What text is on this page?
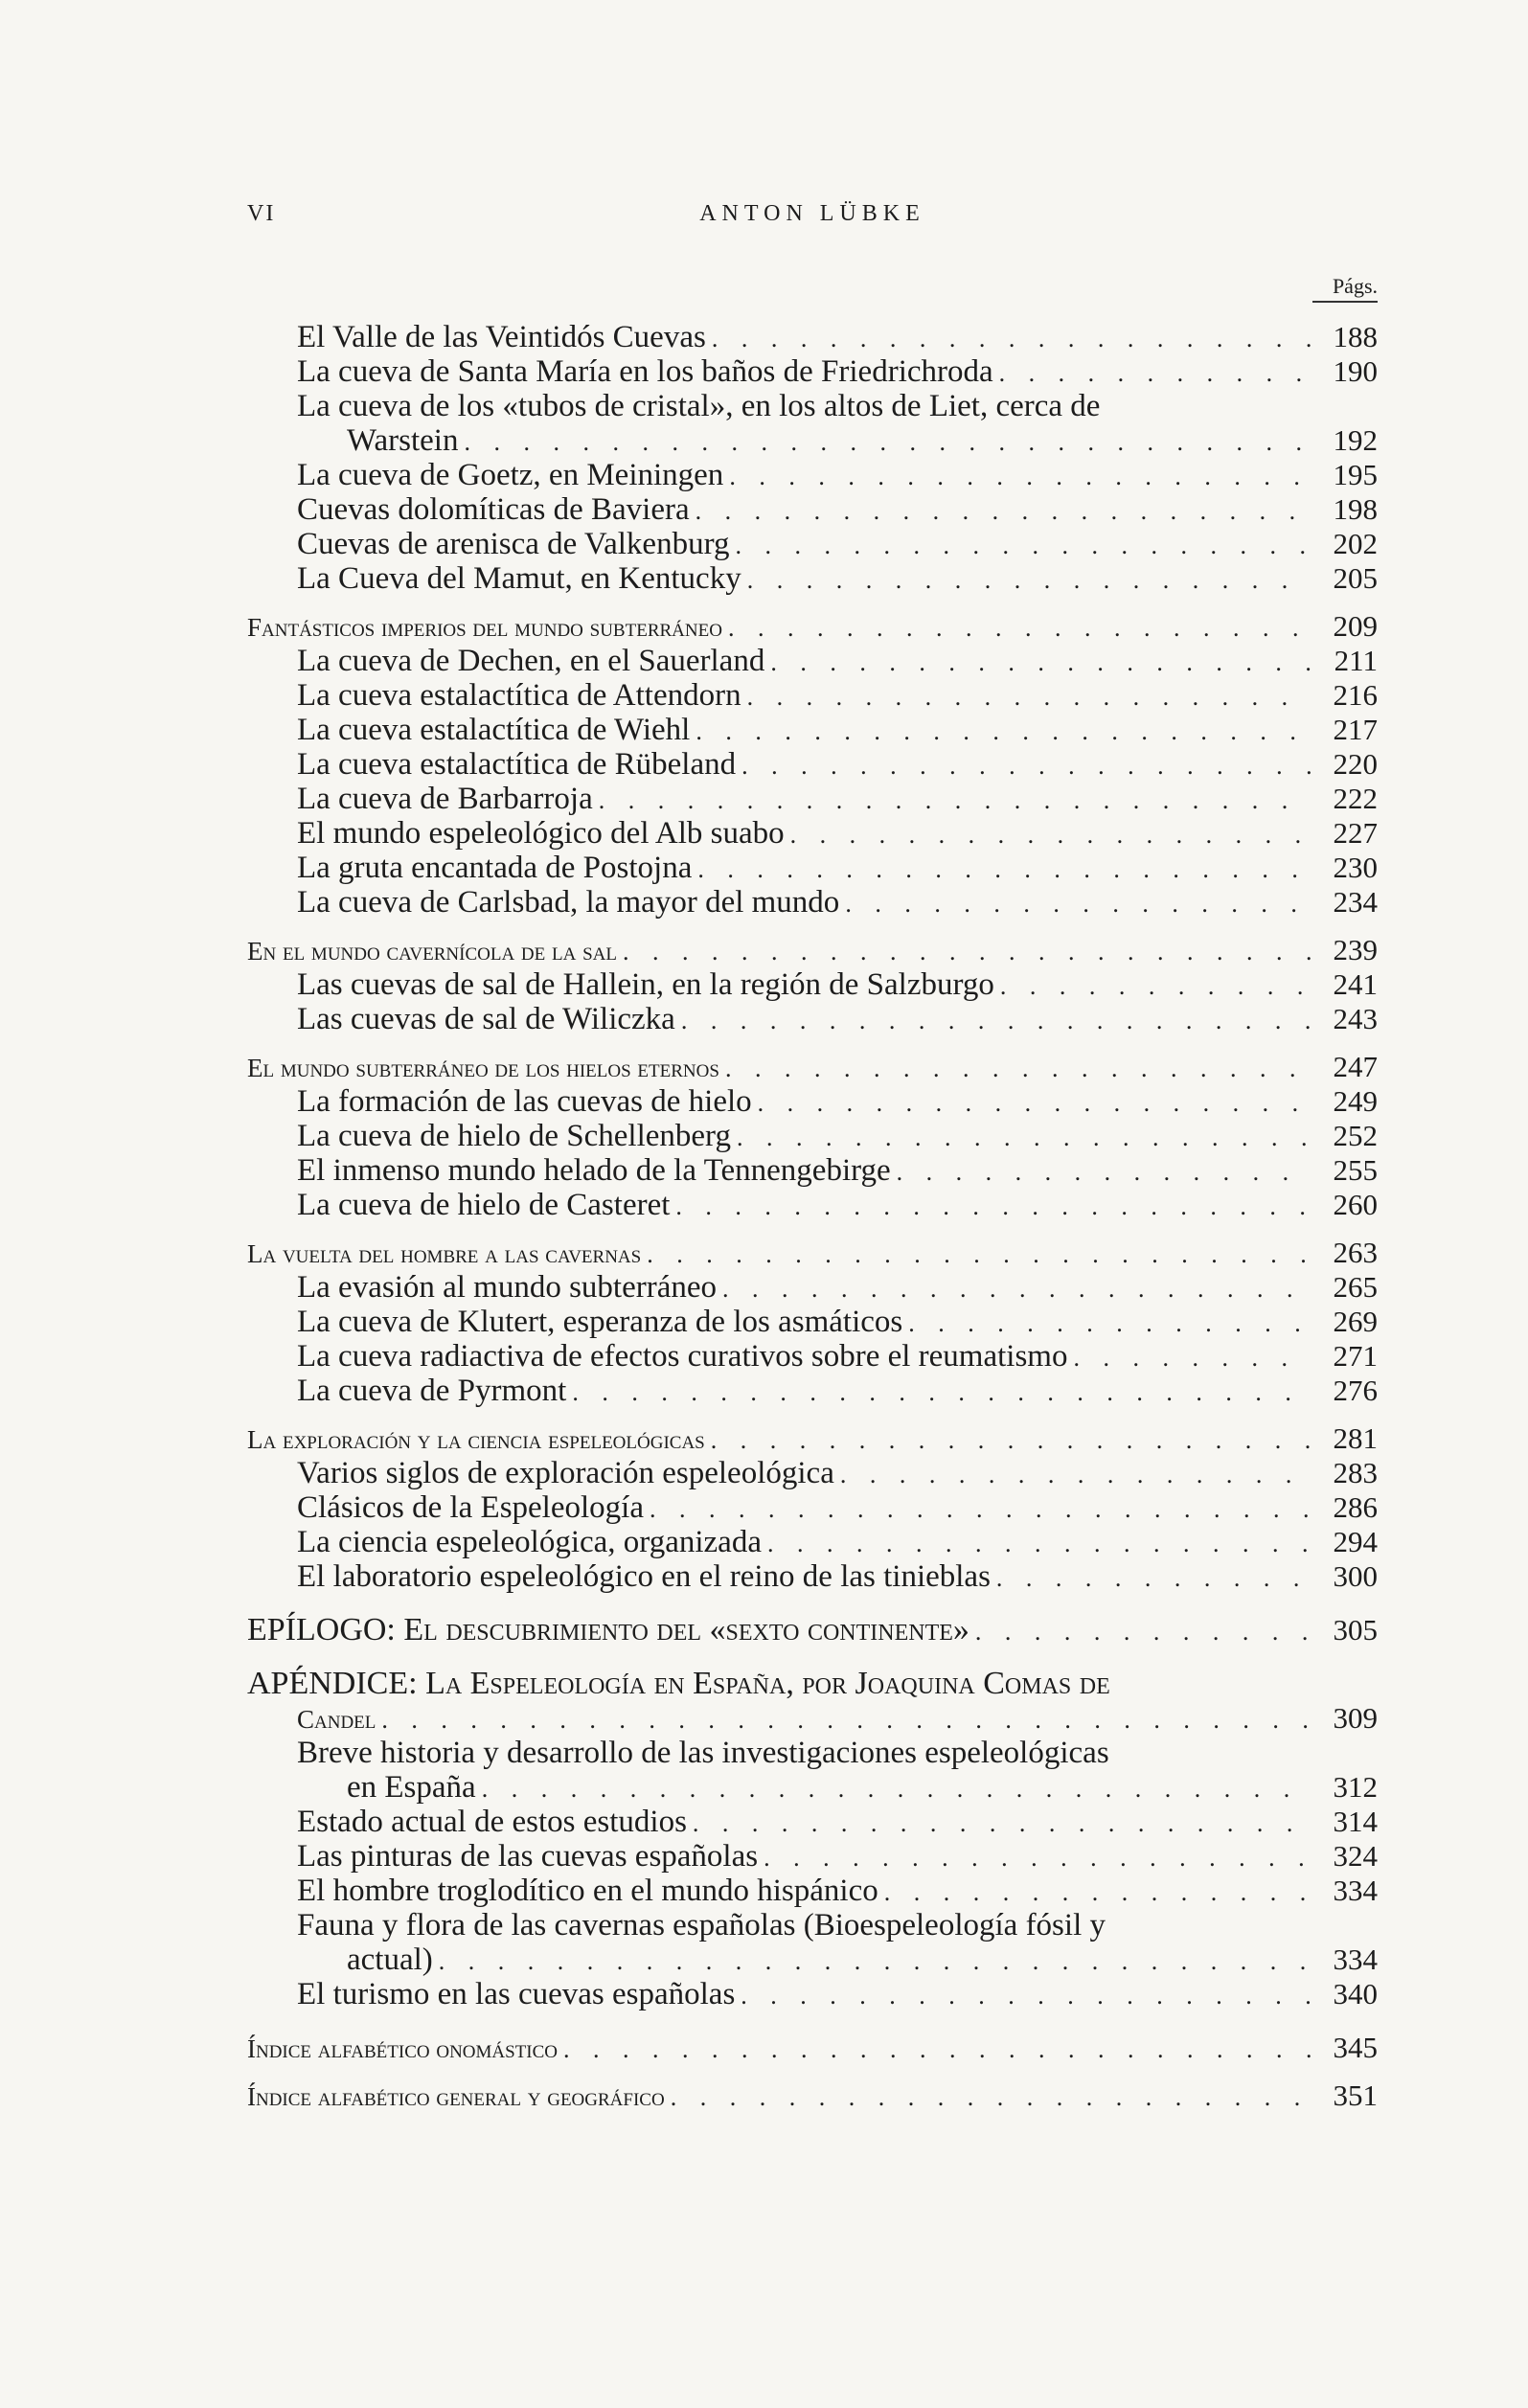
VI	ANTON LÜBKE
Págs.
El Valle de las Veintidós Cuevas . . .	188
La cueva de Santa María en los baños de Friedrichroda . . .	190
La cueva de los «tubos de cristal», en los altos de Liet, cerca de
Warstein . . .	192
La cueva de Goetz, en Meiningen . . .	195
Cuevas dolomíticas de Baviera . . .	198
Cuevas de arenisca de Valkenburg . . .	202
La Cueva del Mamut, en Kentucky . . .	205
Fantásticos imperios del mundo subterráneo . . .	209
La cueva de Dechen, en el Sauerland . . .	211
La cueva estalactítica de Attendorn . . .	216
La cueva estalactítica de Wiehl . . .	217
La cueva estalactítica de Rübeland . . .	220
La cueva de Barbarroja . . .	222
El mundo espeleológico del Alb suabo . . .	227
La gruta encantada de Postojna . . .	230
La cueva de Carlsbad, la mayor del mundo . . .	234
En el mundo cavernícola de la sal . . .	239
Las cuevas de sal de Hallein, en la región de Salzburgo . . .	241
Las cuevas de sal de Wiliczka . . .	243
El mundo subterráneo de los hielos eternos . . .	247
La formación de las cuevas de hielo . . .	249
La cueva de hielo de Schellenberg . . .	252
El inmenso mundo helado de la Tennengebirge . . .	255
La cueva de hielo de Casteret . . .	260
La vuelta del hombre a las cavernas . . .	263
La evasión al mundo subterráneo . . .	265
La cueva de Klutert, esperanza de los asmáticos . . .	269
La cueva radiactiva de efectos curativos sobre el reumatismo . . .	271
La cueva de Pyrmont . . .	276
La exploración y la ciencia espeleológicas . . .	281
Varios siglos de exploración espeleológica . . .	283
Clásicos de la Espeleología . . .	286
La ciencia espeleológica, organizada . . .	294
El laboratorio espeleológico en el reino de las tinieblas . . .	300
EPÍLOGO: El descubrimiento del «sexto continente» . . .	305
APÉNDICE: La Espeleología en España, por Joaquina Comas de
Candel . . .	309
Breve historia y desarrollo de las investigaciones espeleológicas
en España . . .	312
Estado actual de estos estudios . . .	314
Las pinturas de las cuevas españolas . . .	324
El hombre troglodítico en el mundo hispánico . . .	334
Fauna y flora de las cavernas españolas (Bioespeleología fósil y
actual) . . .	334
El turismo en las cuevas españolas . . .	340
Índice alfabético onomástico . . .	345
Índice alfabético general y geográfico . . .	351
